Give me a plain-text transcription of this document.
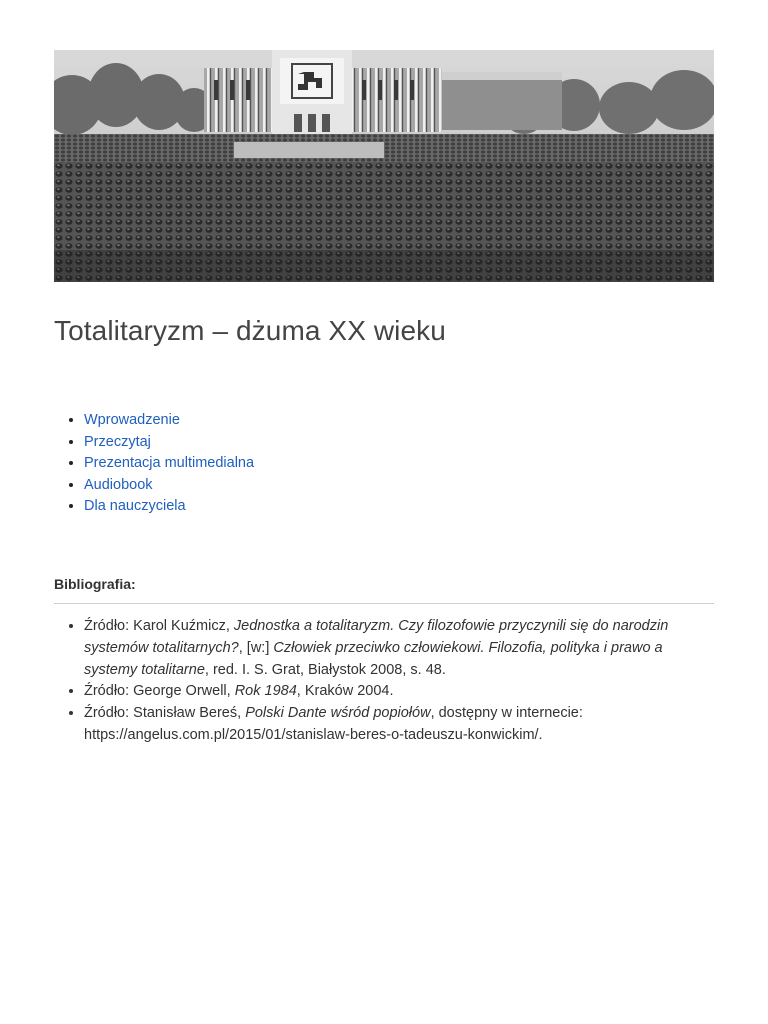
Totalitaryzm – dżuma XX wieku
• Wprowadzenie
• Przeczytaj
• Prezentacja multimedialna
• Audiobook
• Dla nauczyciela
Bibliografia:
• Źródło: Karol Kuźmicz, Jednostka a totalitaryzm. Czy filozofowie przyczynili się do narodzin systemów totalitarnych?, [w:] Człowiek przeciwko człowiekowi. Filozofia, polityka i prawo a systemy totalitarne, red. I. S. Grat, Białystok 2008, s. 48.
• Źródło: George Orwell, Rok 1984, Kraków 2004.
• Źródło: Stanisław Bereś, Polski Dante wśród popiołów, dostępny w internecie: https://angelus.com.pl/2015/01/stanislaw-beres-o-tadeuszu-konwickim/.
